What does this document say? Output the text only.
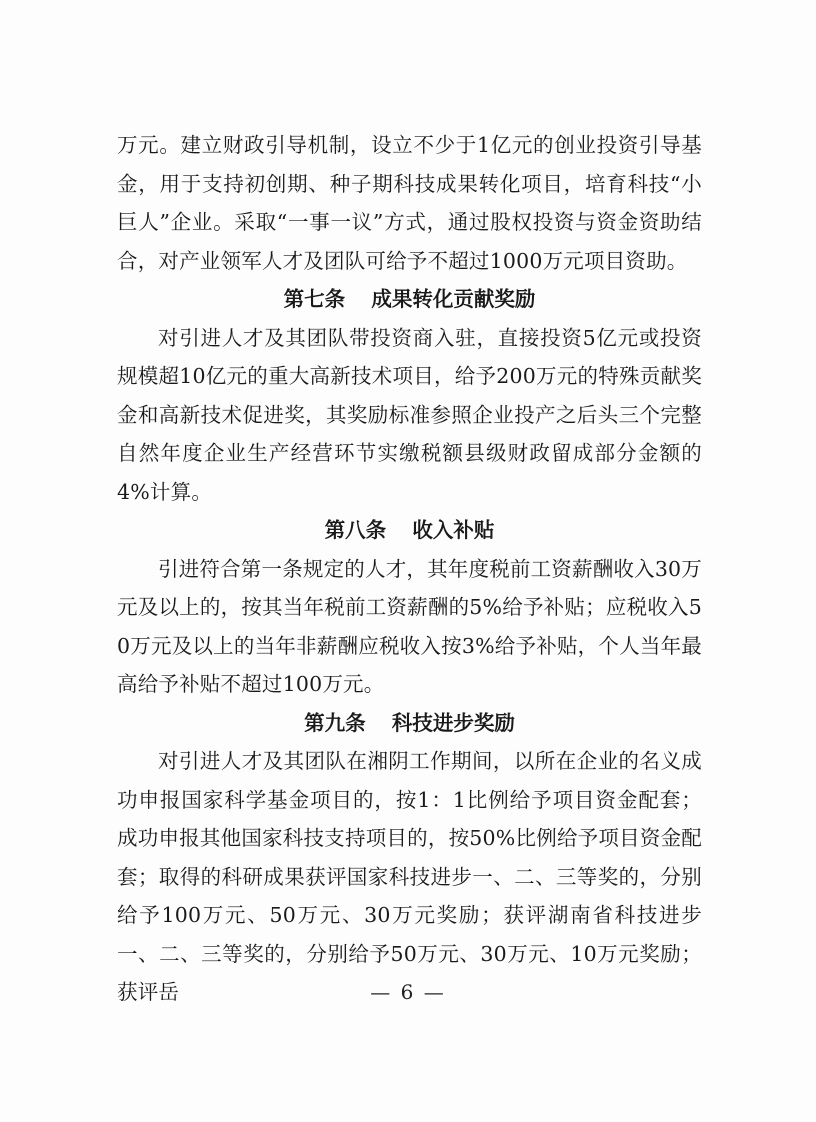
万元。建立财政引导机制，设立不少于1亿元的创业投资引导基金，用于支持初创期、种子期科技成果转化项目，培育科技“小巨人”企业。采取“一事一议”方式，通过股权投资与资金资助结合，对产业领军人才及团队可给予不超过1000万元项目资助。

第七条  成果转化贡献奖励

对引进人才及其团队带投资商入驻，直接投资5亿元或投资规模超10亿元的重大高新技术项目，给予200万元的特殊贡献奖金和高新技术促进奖，其奖励标准参照企业投产之后头三个完整自然年度企业生产经营环节实缴税额县级财政留成部分金额的4%计算。

第八条  收入补贴

引进符合第一条规定的人才，其年度税前工资薪酬收入30万元及以上的，按其当年税前工资薪酬的5%给予补贴；应税收入50万元及以上的当年非薪酬应税收入按3%给予补贴，个人当年最高给予补贴不超过100万元。

第九条  科技进步奖励

对引进人才及其团队在湘阴工作期间，以所在企业的名义成功申报国家科学基金项目的，按1：1比例给予项目资金配套；成功申报其他国家科技支持项目的，按50%比例给予项目资金配套；取得的科研成果获评国家科技进步一、二、三等奖的，分别给予100万元、50万元、30万元奖励；获评湖南省科技进步一、二、三等奖的，分别给予50万元、30万元、10万元奖励；获评岳	— 6 —
